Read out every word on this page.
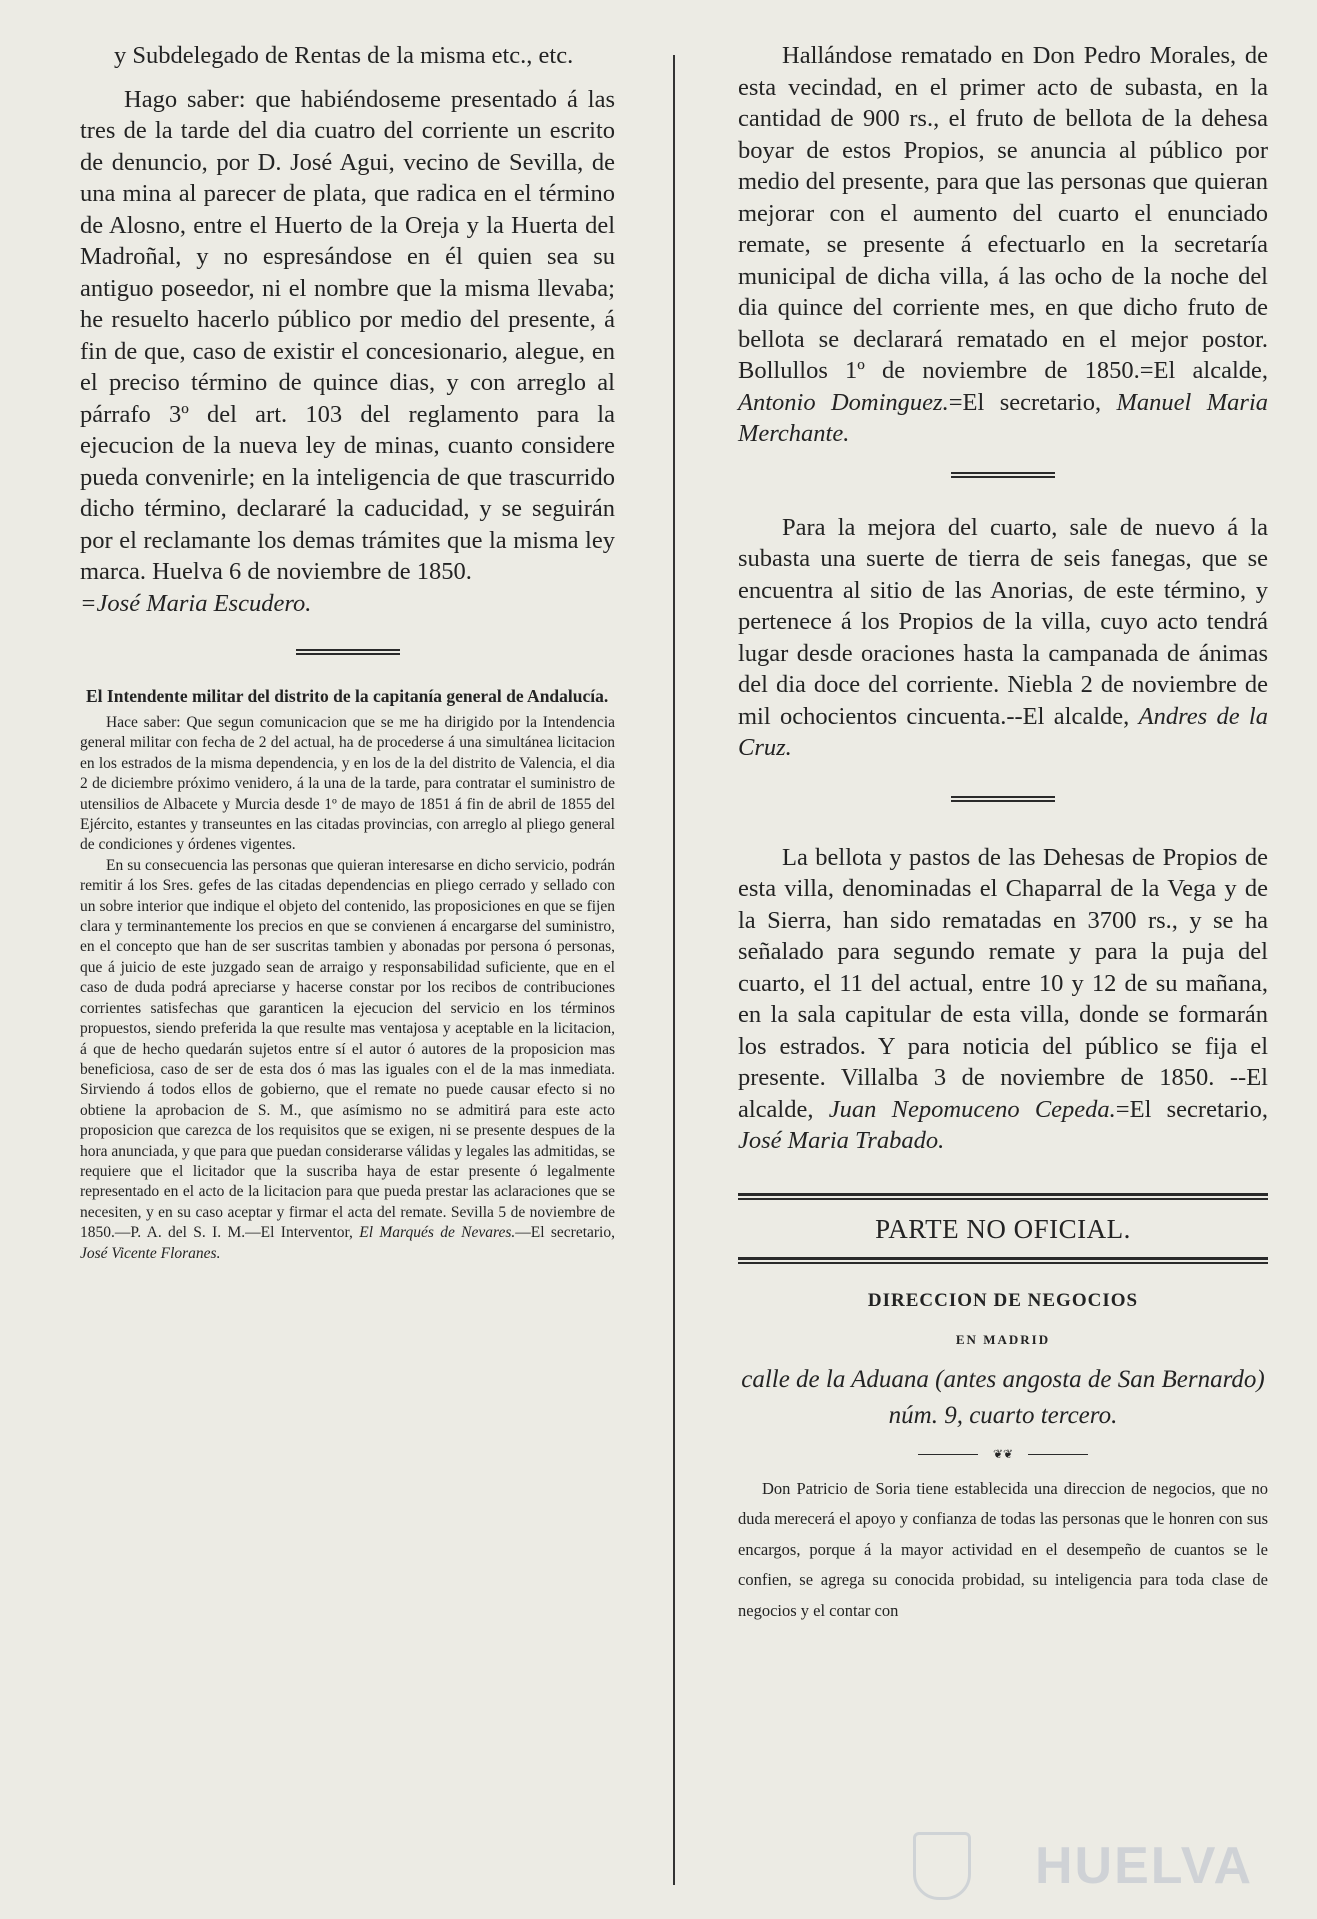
y Subdelegado de Rentas de la misma etc., etc.

Hago saber: que habiéndoseme presentado á las tres de la tarde del dia cuatro del corriente un escrito de denuncio, por D. José Agui, vecino de Sevilla, de una mina al parecer de plata, que radica en el término de Alosno, entre el Huerto de la Oreja y la Huerta del Madroñal, y no espresándose en él quien sea su antiguo poseedor, ni el nombre que la misma llevaba; he resuelto hacerlo público por medio del presente, á fin de que, caso de existir el concesionario, alegue, en el preciso término de quince dias, y con arreglo al párrafo 3º del art. 103 del reglamento para la ejecucion de la nueva ley de minas, cuanto considere pueda convenirle; en la inteligencia de que trascurrido dicho término, declararé la caducidad, y se seguirán por el reclamante los demas trámites que la misma ley marca. Huelva 6 de noviembre de 1850.
=José Maria Escudero.

El Intendente militar del distrito de la capitanía general de Andalucía.

Hace saber: Que segun comunicacion que se me ha dirigido por la Intendencia general militar con fecha de 2 del actual, ha de procederse á una simultánea licitacion en los estrados de la misma dependencia, y en los de la del distrito de Valencia, el dia 2 de diciembre próximo venidero, á la una de la tarde, para contratar el suministro de utensilios de Albacete y Murcia desde 1º de mayo de 1851 á fin de abril de 1855 del Ejército, estantes y transeuntes en las citadas provincias, con arreglo al pliego general de condiciones y órdenes vigentes.

En su consecuencia las personas que quieran interesarse en dicho servicio, podrán remitir á los Sres. gefes de las citadas dependencias en pliego cerrado y sellado con un sobre interior que indique el objeto del contenido, las proposiciones en que se fijen clara y terminantemente los precios en que se convienen á encargarse del suministro, en el concepto que han de ser suscritas tambien y abonadas por persona ó personas, que á juicio de este juzgado sean de arraigo y responsabilidad suficiente, que en el caso de duda podrá apreciarse y hacerse constar por los recibos de contribuciones corrientes satisfechas que garanticen la ejecucion del servicio en los términos propuestos, siendo preferida la que resulte mas ventajosa y aceptable en la licitacion, á que de hecho quedarán sujetos entre sí el autor ó autores de la proposicion mas beneficiosa, caso de ser de esta dos ó mas las iguales con el de la mas inmediata. Sirviendo á todos ellos de gobierno, que el remate no puede causar efecto si no obtiene la aprobacion de S. M., que asímismo no se admitirá para este acto proposicion que carezca de los requisitos que se exigen, ni se presente despues de la hora anunciada, y que para que puedan considerarse válidas y legales las admitidas, se requiere que el licitador que la suscriba haya de estar presente ó legalmente representado en el acto de la licitacion para que pueda prestar las aclaraciones que se necesiten, y en su caso aceptar y firmar el acta del remate. Sevilla 5 de noviembre de 1850.—P. A. del S. I. M.—El Interventor, El Marqués de Nevares.—El secretario, José Vicente Floranes.

Hallándose rematado en Don Pedro Morales, de esta vecindad, en el primer acto de subasta, en la cantidad de 900 rs., el fruto de bellota de la dehesa boyar de estos Propios, se anuncia al público por medio del presente, para que las personas que quieran mejorar con el aumento del cuarto el enunciado remate, se presente á efectuarlo en la secretaría municipal de dicha villa, á las ocho de la noche del dia quince del corriente mes, en que dicho fruto de bellota se declarará rematado en el mejor postor. Bollullos 1º de noviembre de 1850.=El alcalde, Antonio Dominguez.=El secretario, Manuel Maria Merchante.

Para la mejora del cuarto, sale de nuevo á la subasta una suerte de tierra de seis fanegas, que se encuentra al sitio de las Anorias, de este término, y pertenece á los Propios de la villa, cuyo acto tendrá lugar desde oraciones hasta la campanada de ánimas del dia doce del corriente. Niebla 2 de noviembre de mil ochocientos cincuenta.--El alcalde, Andres de la Cruz.

La bellota y pastos de las Dehesas de Propios de esta villa, denominadas el Chaparral de la Vega y de la Sierra, han sido rematadas en 3700 rs., y se ha señalado para segundo remate y para la puja del cuarto, el 11 del actual, entre 10 y 12 de su mañana, en la sala capitular de esta villa, donde se formarán los estrados. Y para noticia del público se fija el presente. Villalba 3 de noviembre de 1850. --El alcalde, Juan Nepomuceno Cepeda.=El secretario, José Maria Trabado.

PARTE NO OFICIAL.
DIRECCION DE NEGOCIOS
EN MADRID
calle de la Aduana (antes angosta de San Bernardo) núm. 9, cuarto tercero.
❦❦

Don Patricio de Soria tiene establecida una direccion de negocios, que no duda merecerá el apoyo y confianza de todas las personas que le honren con sus encargos, porque á la mayor actividad en el desempeño de cuantos se le confien, se agrega su conocida probidad, su inteligencia para toda clase de negocios y el contar con

HUELVA
